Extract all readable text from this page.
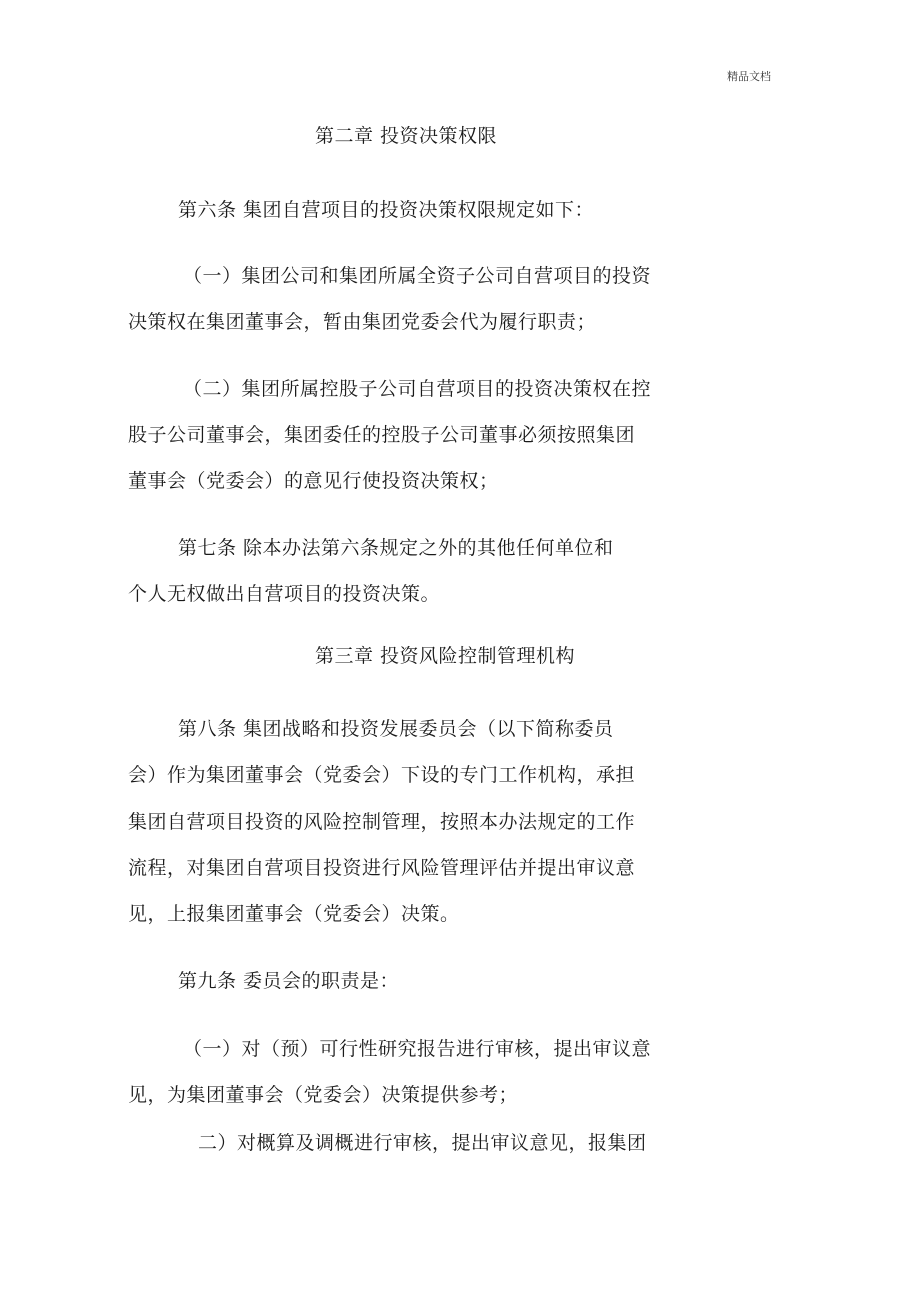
精品文档
第二章 投资决策权限
第六条 集团自营项目的投资决策权限规定如下：
（一）集团公司和集团所属全资子公司自营项目的投资
决策权在集团董事会，暂由集团党委会代为履行职责；
（二）集团所属控股子公司自营项目的投资决策权在控
股子公司董事会，集团委任的控股子公司董事必须按照集团
董事会（党委会）的意见行使投资决策权；
第七条 除本办法第六条规定之外的其他任何单位和
个人无权做出自营项目的投资决策。
第三章 投资风险控制管理机构
第八条 集团战略和投资发展委员会（以下简称委员
会）作为集团董事会（党委会）下设的专门工作机构，承担
集团自营项目投资的风险控制管理，按照本办法规定的工作
流程，对集团自营项目投资进行风险管理评估并提出审议意
见，上报集团董事会（党委会）决策。
第九条 委员会的职责是：
（一）对（预）可行性研究报告进行审核，提出审议意
见，为集团董事会（党委会）决策提供参考；
二）对概算及调概进行审核，提出审议意见，报集团
